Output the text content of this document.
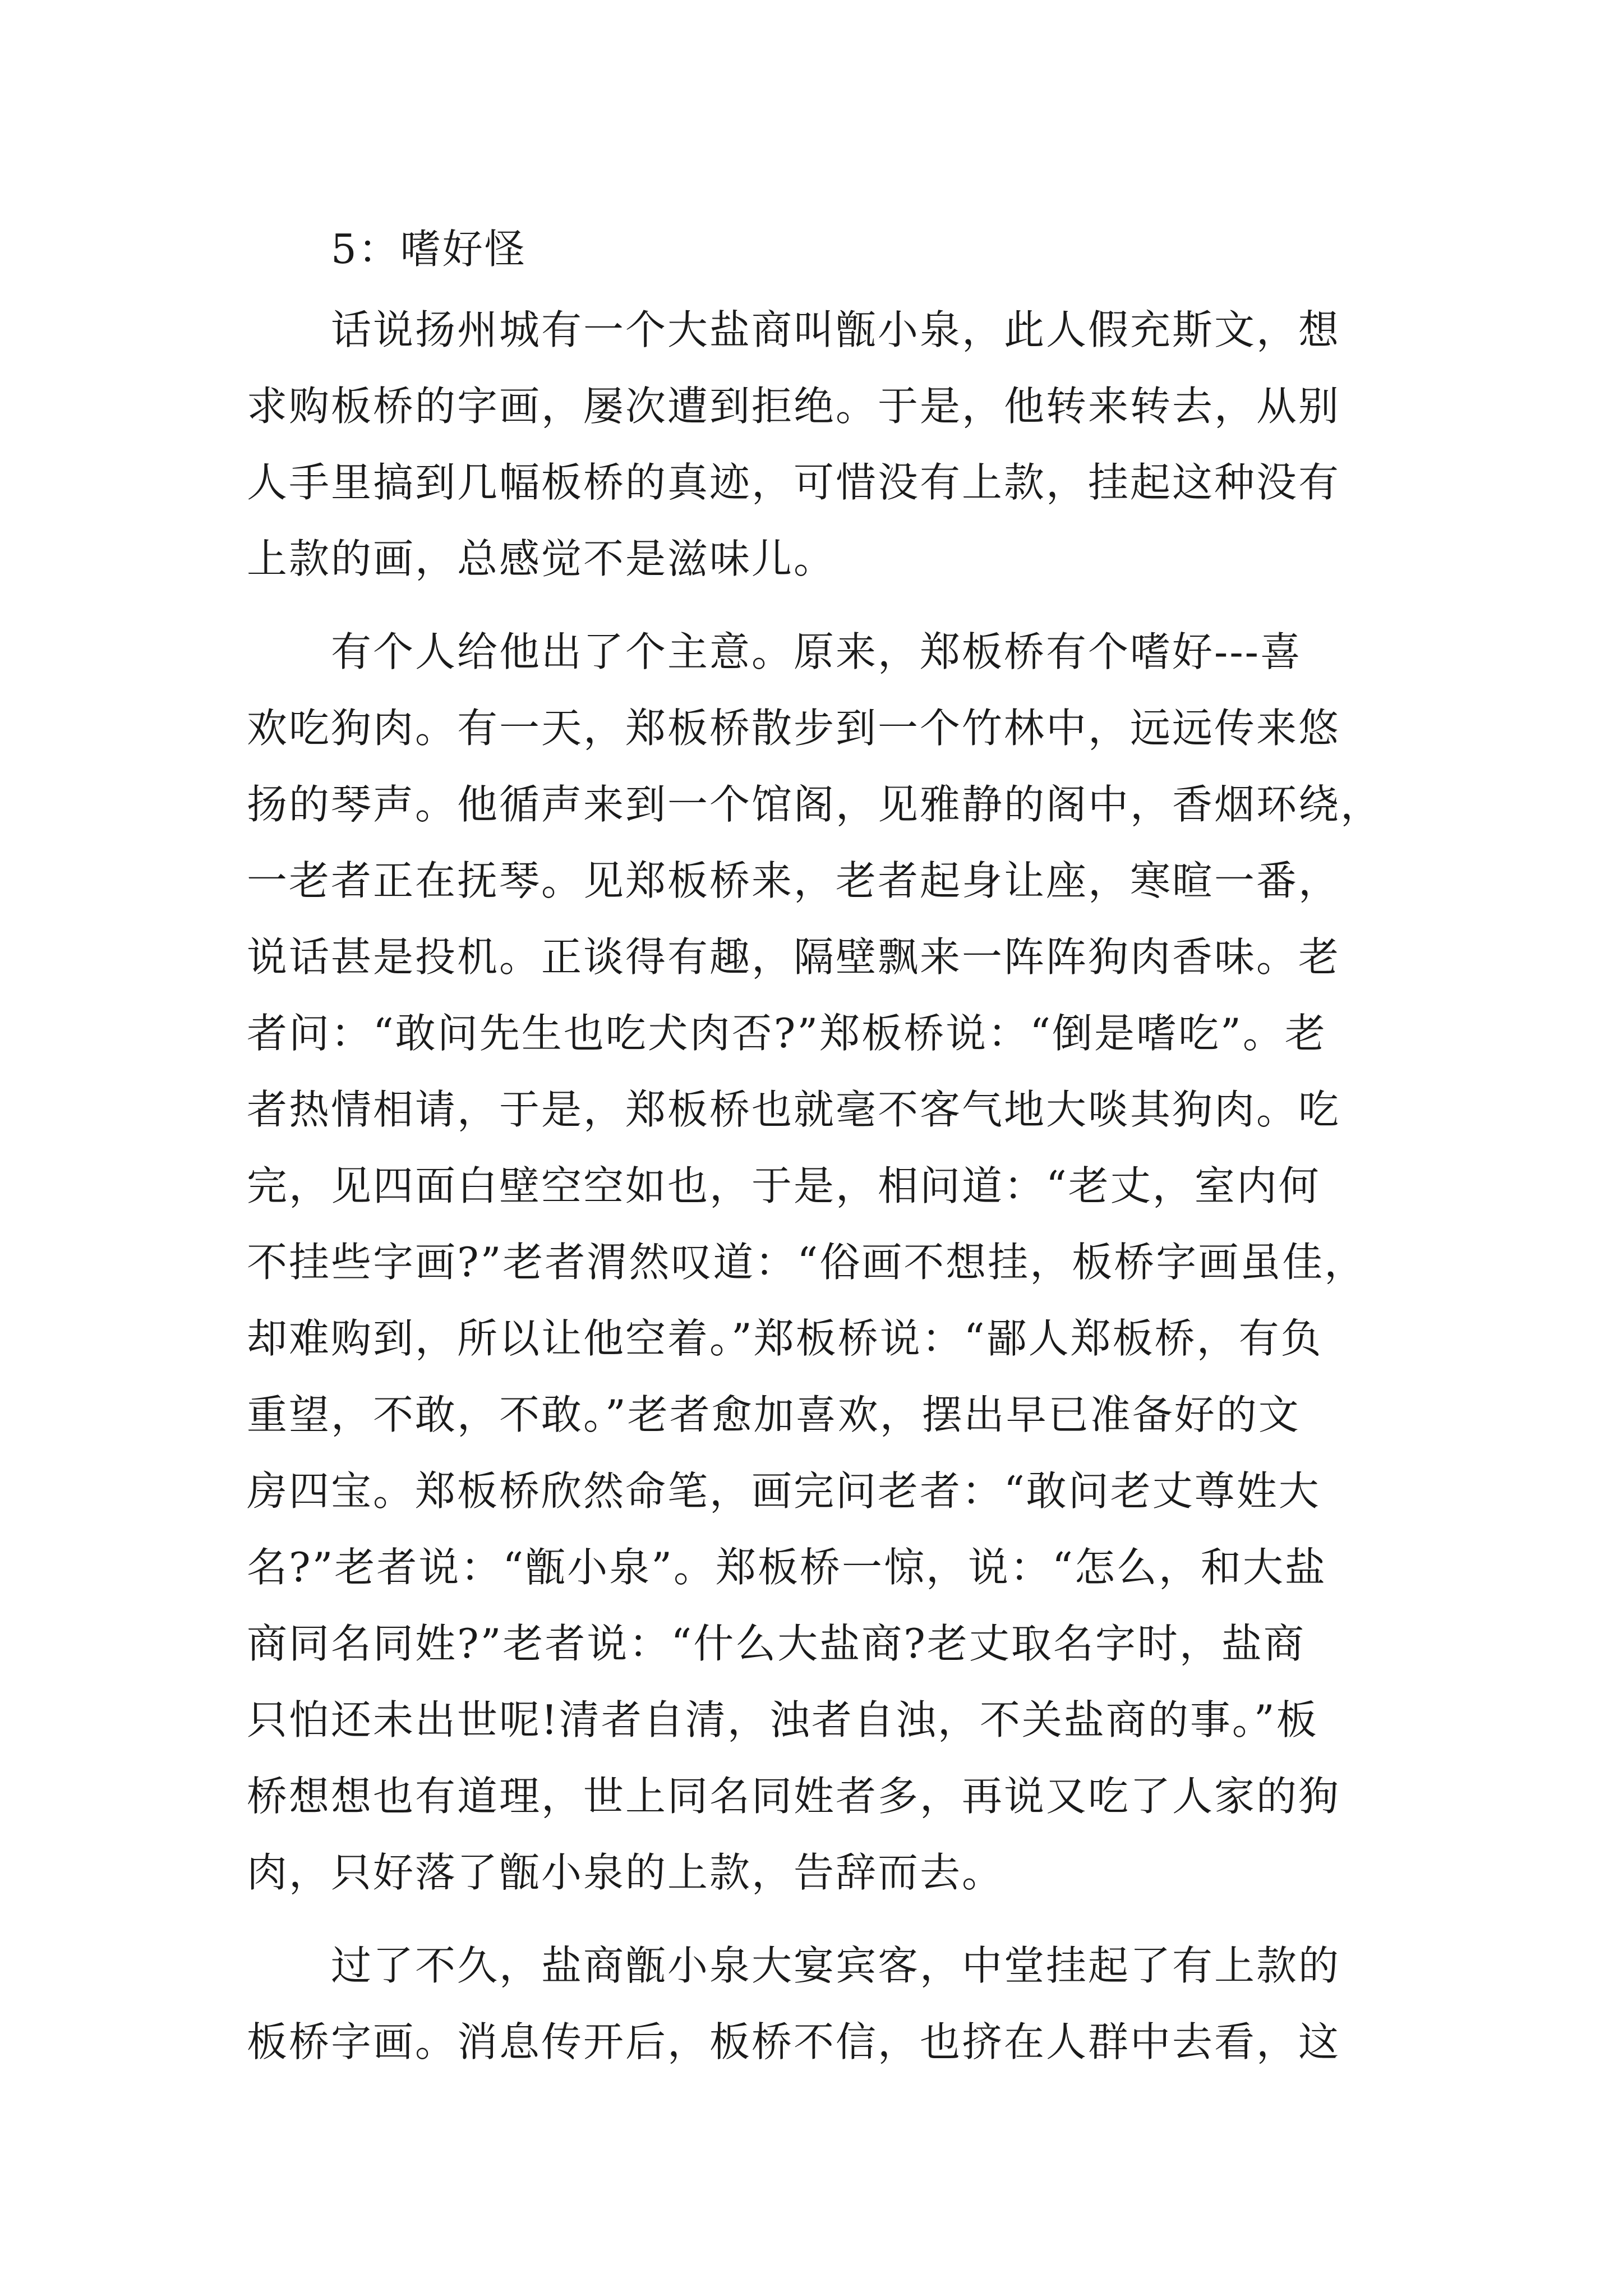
5：嗜好怪
话说扬州城有一个大盐商叫甑小泉，此人假充斯文，想
求购板桥的字画，屡次遭到拒绝。于是，他转来转去，从别
人手里搞到几幅板桥的真迹，可惜没有上款，挂起这种没有
上款的画，总感觉不是滋味儿。
有个人给他出了个主意。原来，郑板桥有个嗜好---喜
欢吃狗肉。有一天，郑板桥散步到一个竹林中，远远传来悠
扬的琴声。他循声来到一个馆阁，见雅静的阁中，香烟环绕，
一老者正在抚琴。见郑板桥来，老者起身让座，寒暄一番，
说话甚是投机。正谈得有趣，隔壁飘来一阵阵狗肉香味。老
者问：“敢问先生也吃犬肉否?”郑板桥说：“倒是嗜吃”。老
者热情相请，于是，郑板桥也就毫不客气地大啖其狗肉。吃
完，见四面白壁空空如也，于是，相问道：“老丈，室内何
不挂些字画?”老者渭然叹道：“俗画不想挂，板桥字画虽佳，
却难购到，所以让他空着。”郑板桥说：“鄙人郑板桥，有负
重望，不敢，不敢。”老者愈加喜欢，摆出早已准备好的文
房四宝。郑板桥欣然命笔，画完问老者：“敢问老丈尊姓大
名?”老者说：“甑小泉”。郑板桥一惊，说：“怎么，和大盐
商同名同姓?”老者说：“什么大盐商?老丈取名字时，盐商
只怕还未出世呢!清者自清，浊者自浊，不关盐商的事。”板
桥想想也有道理，世上同名同姓者多，再说又吃了人家的狗
肉，只好落了甑小泉的上款，告辞而去。
过了不久，盐商甑小泉大宴宾客，中堂挂起了有上款的
板桥字画。消息传开后，板桥不信，也挤在人群中去看，这
